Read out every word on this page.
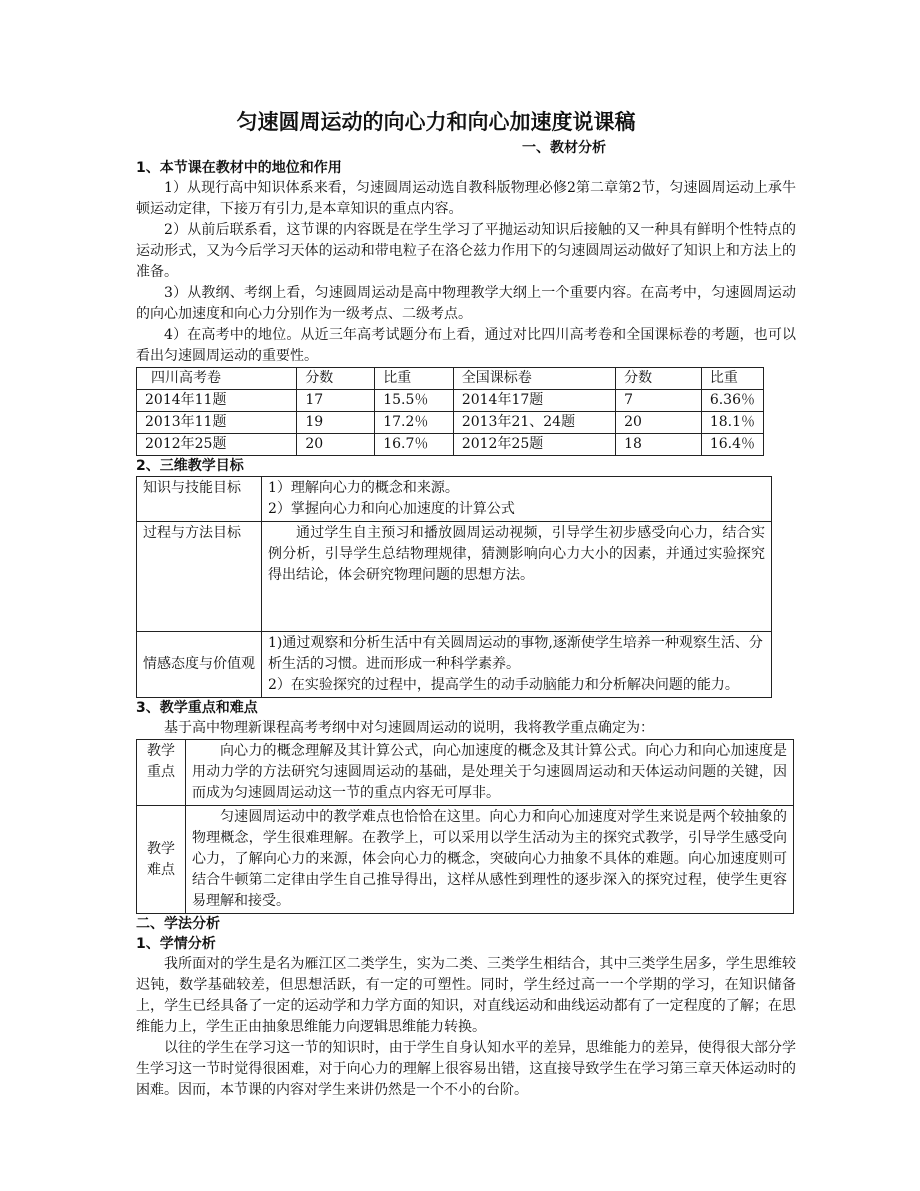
匀速圆周运动的向心力和向心加速度说课稿
一、教材分析
1、本节课在教材中的地位和作用

1）从现行高中知识体系来看，匀速圆周运动选自教科版物理必修2第二章第2节，匀速圆周运动上承牛顿运动定律，下接万有引力,是本章知识的重点内容。

2）从前后联系看，这节课的内容既是在学生学习了平抛运动知识后接触的又一种具有鲜明个性特点的运动形式，又为今后学习天体的运动和带电粒子在洛仑兹力作用下的匀速圆周运动做好了知识上和方法上的准备。

3）从教纲、考纲上看，匀速圆周运动是高中物理教学大纲上一个重要内容。在高考中，匀速圆周运动的向心加速度和向心力分别作为一级考点、二级考点。

4）在高考中的地位。从近三年高考试题分布上看，通过对比四川高考卷和全国课标卷的考题，也可以看出匀速圆周运动的重要性。

四川高考卷	分数	比重	全国课标卷	分数	比重
2014年11题	17	15.5％	2014年17题	7	6.36％
2013年11题	19	17.2％	2013年21、24题	20	18.1％
2012年25题	20	16.7％	2012年25题	18	16.4％
2、三维教学目标
知识与技能目标	1）理解向心力的概念和来源。
2）掌握向心力和向心加速度的计算公式

过程与方法目标	通过学生自主预习和播放圆周运动视频，引导学生初步感受向心力，结合实例分析，引导学生总结物理规律，猜测影响向心力大小的因素，并通过实验探究得出结论，体会研究物理问题的思想方法。

情感态度与价值观	1)通过观察和分析生活中有关圆周运动的事物,逐渐使学生培养一种观察生活、分析生活的习惯。进而形成一种科学素养。
2）在实验探究的过程中，提高学生的动手动脑能力和分析解决问题的能力。
3、教学重点和难点

基于高中物理新课程高考考纲中对匀速圆周运动的说明，我将教学重点确定为：

教学重点	向心力的概念理解及其计算公式，向心加速度的概念及其计算公式。向心力和向心加速度是用动力学的方法研究匀速圆周运动的基础，是处理关于匀速圆周运动和天体运动问题的关键，因而成为匀速圆周运动这一节的重点内容无可厚非。

教学难点	匀速圆周运动中的教学难点也恰恰在这里。向心力和向心加速度对学生来说是两个较抽象的物理概念，学生很难理解。在教学上，可以采用以学生活动为主的探究式教学，引导学生感受向心力，了解向心力的来源，体会向心力的概念，突破向心力抽象不具体的难题。向心加速度则可结合牛顿第二定律由学生自己推导得出，这样从感性到理性的逐步深入的探究过程，使学生更容易理解和接受。
二、学法分析
1、学情分析

我所面对的学生是名为雁江区二类学生，实为二类、三类学生相结合，其中三类学生居多，学生思维较迟钝，数学基础较差，但思想活跃，有一定的可塑性。同时，学生经过高一一个学期的学习，在知识储备上，学生已经具备了一定的运动学和力学方面的知识，对直线运动和曲线运动都有了一定程度的了解；在思维能力上，学生正由抽象思维能力向逻辑思维能力转换。

以往的学生在学习这一节的知识时，由于学生自身认知水平的差异，思维能力的差异，使得很大部分学生学习这一节时觉得很困难，对于向心力的理解上很容易出错，这直接导致学生在学习第三章天体运动时的困难。因而，本节课的内容对学生来讲仍然是一个不小的台阶。
